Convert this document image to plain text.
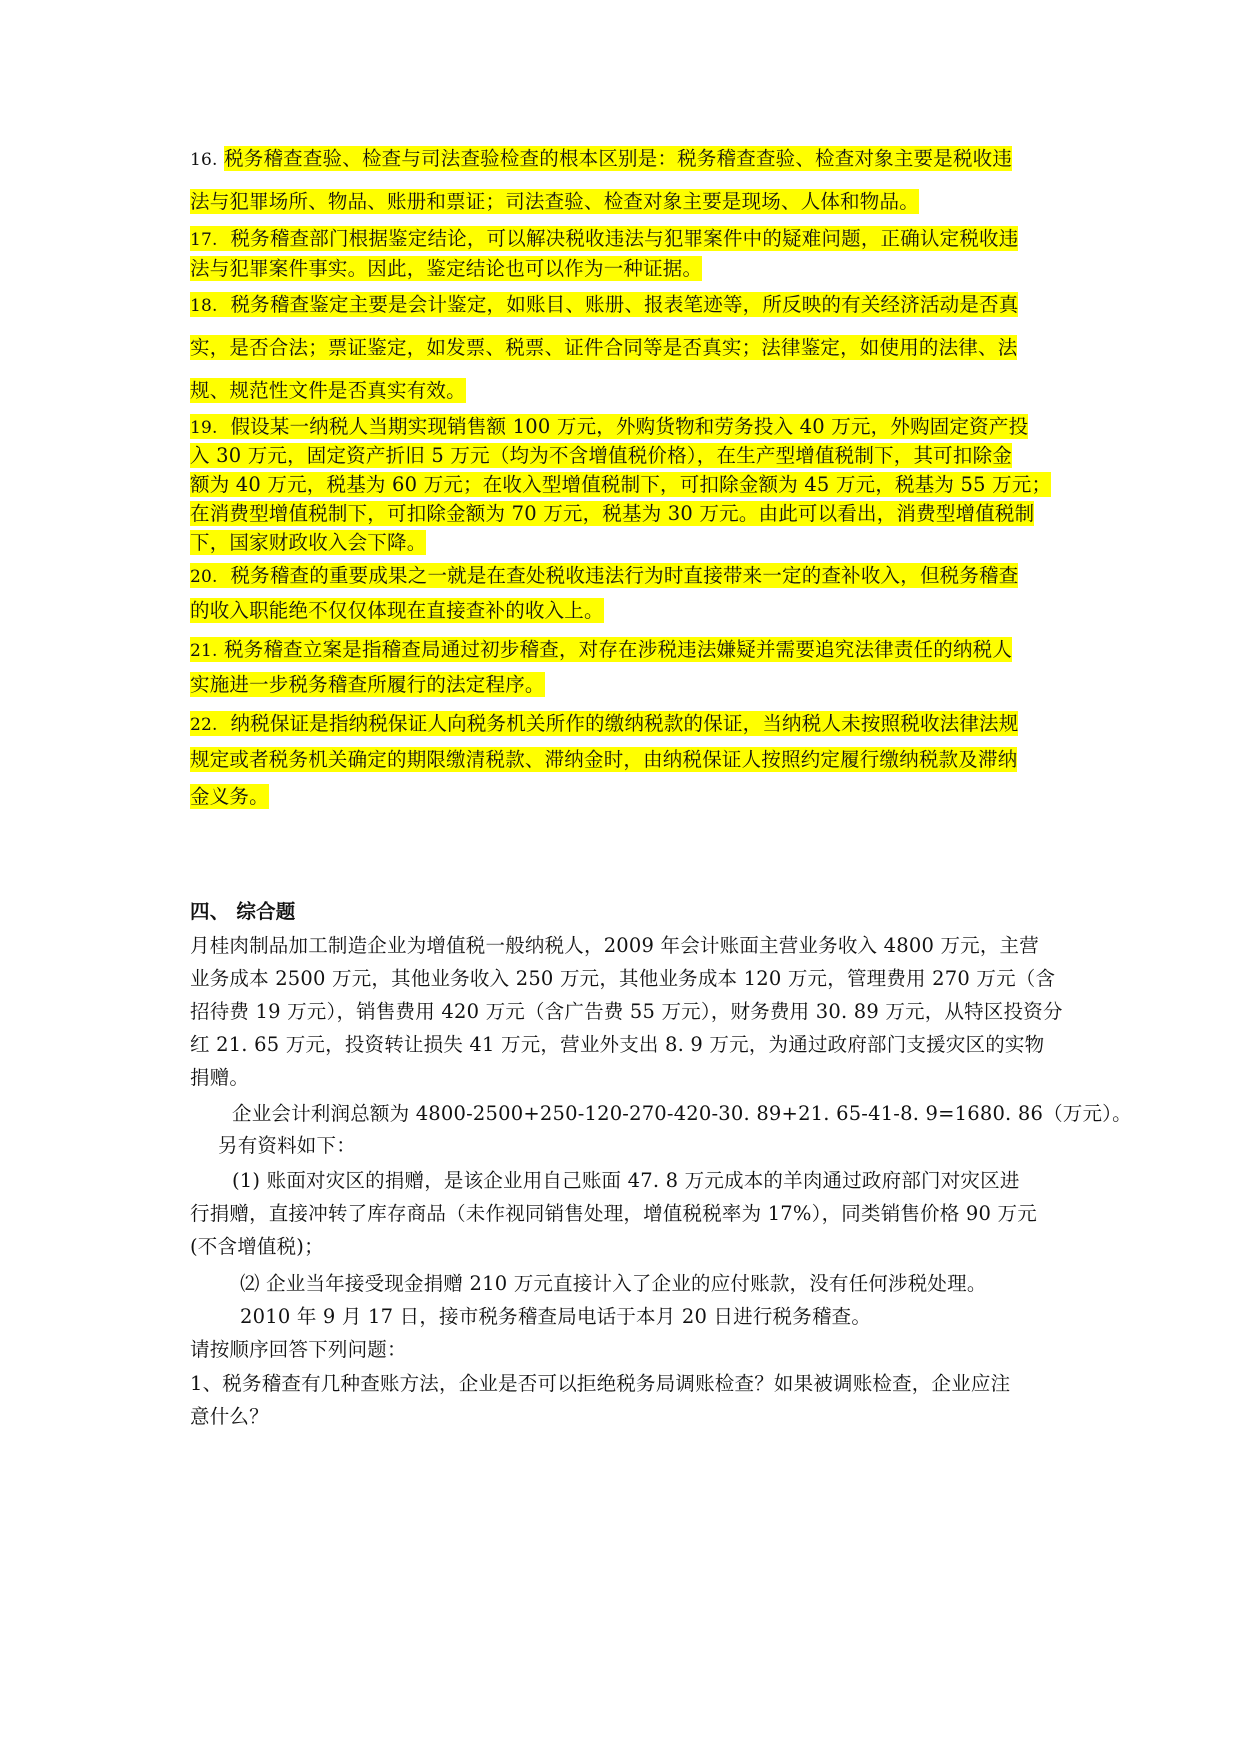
16. 税务稽查查验、检查与司法查验检查的根本区别是：税务稽查查验、检查对象主要是税收违
法与犯罪场所、物品、账册和票证；司法查验、检查对象主要是现场、人体和物品。
17. 税务稽查部门根据鉴定结论，可以解决税收违法与犯罪案件中的疑难问题，正确认定税收违
法与犯罪案件事实。因此，鉴定结论也可以作为一种证据。
18. 税务稽查鉴定主要是会计鉴定，如账目、账册、报表笔迹等，所反映的有关经济活动是否真
实，是否合法；票证鉴定，如发票、税票、证件合同等是否真实；法律鉴定，如使用的法律、法
规、规范性文件是否真实有效。
19. 假设某一纳税人当期实现销售额 100 万元，外购货物和劳务投入 40 万元，外购固定资产投
入 30 万元，固定资产折旧 5 万元（均为不含增值税价格），在生产型增值税制下，其可扣除金
额为 40 万元，税基为 60 万元；在收入型增值税制下，可扣除金额为 45 万元，税基为 55 万元；
在消费型增值税制下，可扣除金额为 70 万元，税基为 30 万元。由此可以看出，消费型增值税制
下，国家财政收入会下降。
20. 税务稽查的重要成果之一就是在查处税收违法行为时直接带来一定的查补收入，但税务稽查
的收入职能绝不仅仅体现在直接查补的收入上。
21. 税务稽查立案是指稽查局通过初步稽查，对存在涉税违法嫌疑并需要追究法律责任的纳税人
实施进一步税务稽查所履行的法定程序。
22. 纳税保证是指纳税保证人向税务机关所作的缴纳税款的保证，当纳税人未按照税收法律法规
规定或者税务机关确定的期限缴清税款、滞纳金时，由纳税保证人按照约定履行缴纳税款及滞纳
金义务。
四、 综合题
月桂肉制品加工制造企业为增值税一般纳税人，2009 年会计账面主营业务收入 4800 万元，主营
业务成本 2500 万元，其他业务收入 250 万元，其他业务成本 120 万元，管理费用 270 万元（含
招待费 19 万元），销售费用 420 万元（含广告费 55 万元），财务费用 30. 89 万元，从特区投资分
红 21. 65 万元，投资转让损失 41 万元，营业外支出 8. 9 万元，为通过政府部门支援灾区的实物
捐赠。
企业会计利润总额为 4800-2500+250-120-270-420-30. 89+21. 65-41-8. 9=1680. 86（万元）。
另有资料如下：
(1) 账面对灾区的捐赠，是该企业用自己账面 47. 8 万元成本的羊肉通过政府部门对灾区进
行捐赠，直接冲转了库存商品（未作视同销售处理，增值税税率为 17%），同类销售价格 90 万元
(不含增值税)；
⑵ 企业当年接受现金捐赠 210 万元直接计入了企业的应付账款，没有任何涉税处理。
2010 年 9 月 17 日，接市税务稽查局电话于本月 20 日进行税务稽查。
请按顺序回答下列问题：
1、税务稽查有几种查账方法，企业是否可以拒绝税务局调账检查？如果被调账检查，企业应注
意什么？
